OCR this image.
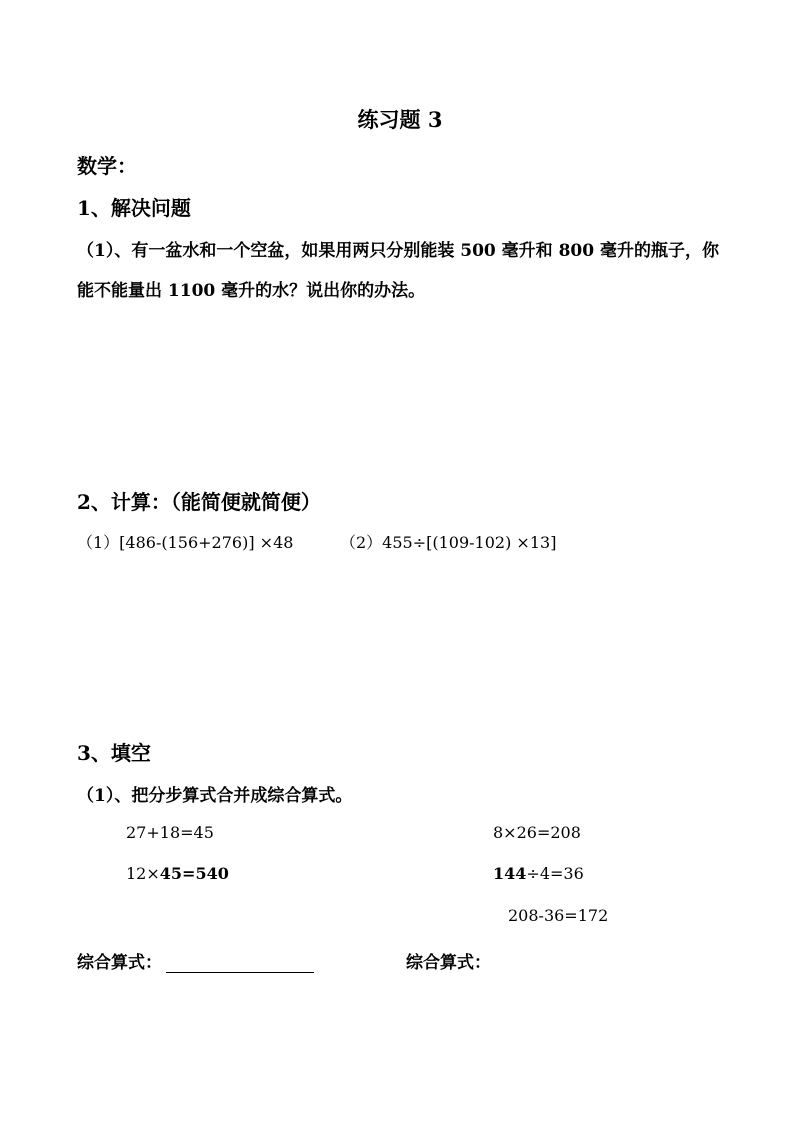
练习题 3
数学：
1、解决问题
（1）、有一盆水和一个空盆，如果用两只分别能装 500 毫升和 800 毫升的瓶子，你
能不能量出 1100 毫升的水？说出你的办法。
2、计算：（能简便就简便）
（1）[486-(156+276)] ×48	（2）455÷[(109-102) ×13]
3、填空
（1）、把分步算式合并成综合算式。
27+18=45
12×45=540
8×26=208
144÷4=36
208-36=172
综合算式：	综合算式：
